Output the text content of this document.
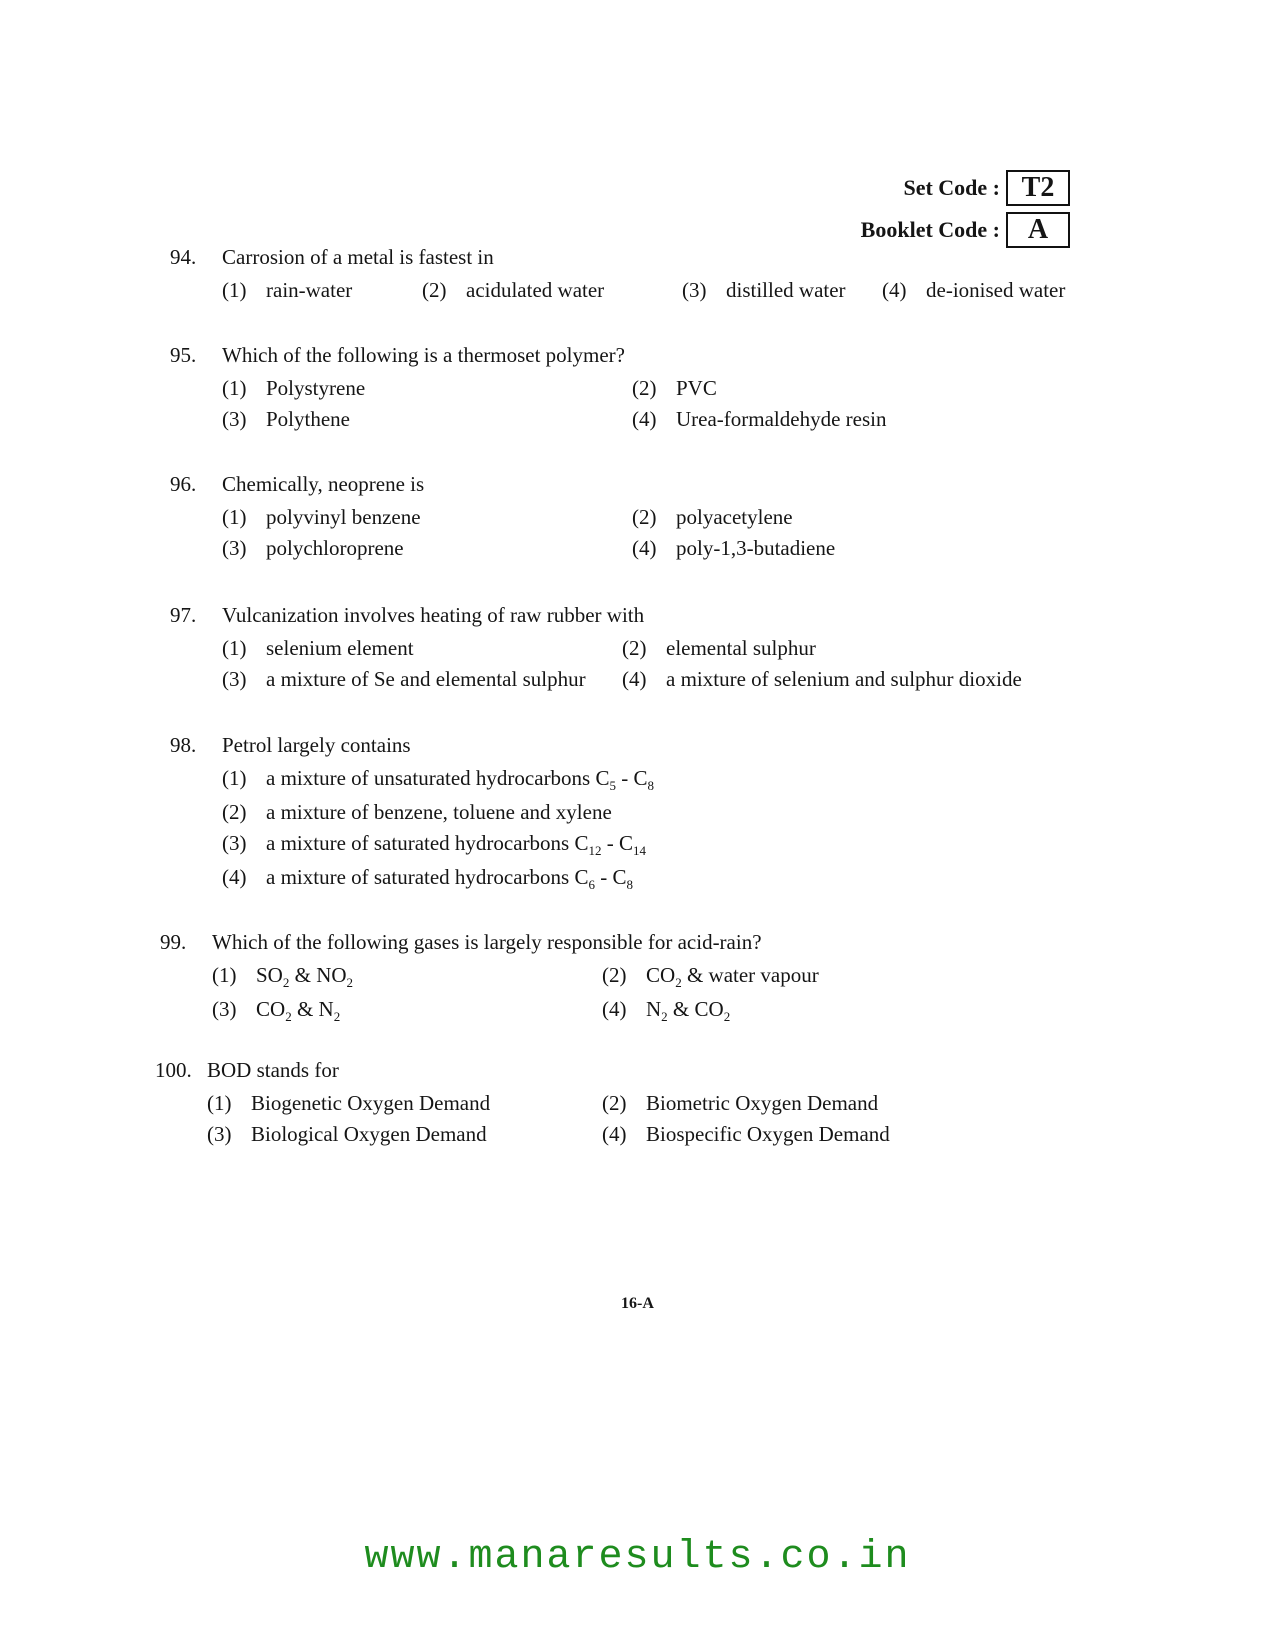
Set Code : T2
Booklet Code : A
94.	Carrosion of a metal is fastest in
(1) rain-water	(2) acidulated water	(3) distilled water (4) de-ionised water
95.	Which of the following is a thermoset polymer?
(1) Polystyrene	(2) PVC
(3) Polythene	(4) Urea-formaldehyde resin
96.	Chemically, neoprene is
(1) polyvinyl benzene	(2) polyacetylene
(3) polychloroprene	(4) poly-1,3-butadiene
97.	Vulcanization involves heating of raw rubber with
(1) selenium element	(2) elemental sulphur
(3) a mixture of Se and elemental sulphur (4) a mixture of selenium and sulphur dioxide
98.	Petrol largely contains
(1) a mixture of unsaturated hydrocarbons $C_5 - C_8$
(2) a mixture of benzene, toluene and xylene
(3) a mixture of saturated hydrocarbons $C_{12} - C_{14}$
(4) a mixture of saturated hydrocarbons $C_6 - C_8$
99.	Which of the following gases is largely responsible for acid-rain?
(1) $SO_2$ & $NO_2$	(2) $CO_2$ & water vapour
(3) $CO_2$ & $N_2$	(4) $N_2$ & $CO_2$
100. BOD stands for
(1) Biogenetic Oxygen Demand	(2) Biometric Oxygen Demand
(3) Biological Oxygen Demand	(4) Biospecific Oxygen Demand
16-A
www.manaresults.co.in
